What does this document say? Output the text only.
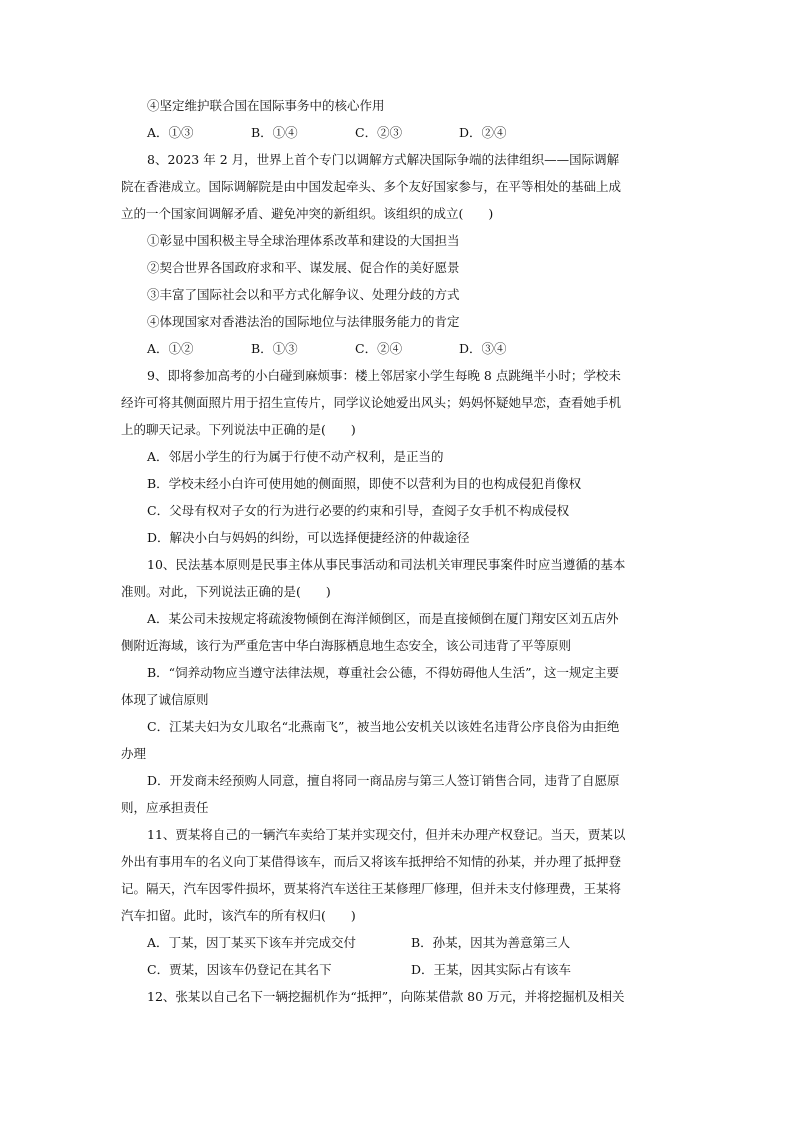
④坚定维护联合国在国际事务中的核心作用
A．①③	B．①④	C．②③	D．②④
8、2023 年 2 月，世界上首个专门以调解方式解决国际争端的法律组织——国际调解
院在香港成立。国际调解院是由中国发起牵头、多个友好国家参与，在平等相处的基础上成
立的一个国家间调解矛盾、避免冲突的新组织。该组织的成立(　　)
①彰显中国积极主导全球治理体系改革和建设的大国担当
②契合世界各国政府求和平、谋发展、促合作的美好愿景
③丰富了国际社会以和平方式化解争议、处理分歧的方式
④体现国家对香港法治的国际地位与法律服务能力的肯定
A．①②	B．①③	C．②④	D．③④
9、即将参加高考的小白碰到麻烦事：楼上邻居家小学生每晚 8 点跳绳半小时；学校未
经许可将其侧面照片用于招生宣传片，同学议论她爱出风头；妈妈怀疑她早恋，查看她手机
上的聊天记录。下列说法中正确的是(　　)
A．邻居小学生的行为属于行使不动产权利，是正当的
B．学校未经小白许可使用她的侧面照，即使不以营利为目的也构成侵犯肖像权
C．父母有权对子女的行为进行必要的约束和引导，查阅子女手机不构成侵权
D．解决小白与妈妈的纠纷，可以选择便捷经济的仲裁途径
10、民法基本原则是民事主体从事民事活动和司法机关审理民事案件时应当遵循的基本
准则。对此，下列说法正确的是(　　)
A．某公司未按规定将疏浚物倾倒在海洋倾倒区，而是直接倾倒在厦门翔安区刘五店外
侧附近海域，该行为严重危害中华白海豚栖息地生态安全，该公司违背了平等原则
B．“饲养动物应当遵守法律法规，尊重社会公德，不得妨碍他人生活”，这一规定主要
体现了诚信原则
C．江某夫妇为女儿取名“北燕南飞”，被当地公安机关以该姓名违背公序良俗为由拒绝
办理
D．开发商未经预购人同意，擅自将同一商品房与第三人签订销售合同，违背了自愿原
则，应承担责任
11、贾某将自己的一辆汽车卖给丁某并实现交付，但并未办理产权登记。当天，贾某以
外出有事用车的名义向丁某借得该车，而后又将该车抵押给不知情的孙某，并办理了抵押登
记。隔天，汽车因零件损坏，贾某将汽车送往王某修理厂修理，但并未支付修理费，王某将
汽车扣留。此时，该汽车的所有权归(　　)
A．丁某，因丁某买下该车并完成交付	B．孙某，因其为善意第三人
C．贾某，因该车仍登记在其名下	D．王某，因其实际占有该车
12、张某以自己名下一辆挖掘机作为“抵押”，向陈某借款 80 万元，并将挖掘机及相关
